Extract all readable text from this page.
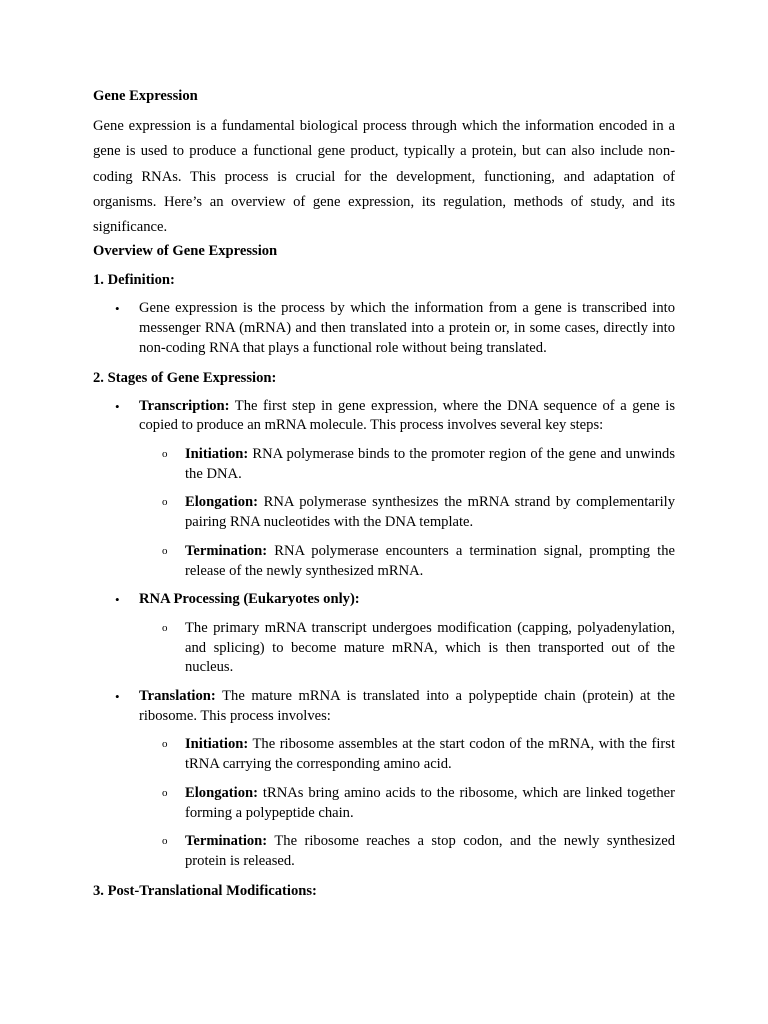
Gene Expression

Gene expression is a fundamental biological process through which the information encoded in a gene is used to produce a functional gene product, typically a protein, but can also include non-coding RNAs. This process is crucial for the development, functioning, and adaptation of organisms. Here’s an overview of gene expression, its regulation, methods of study, and its significance.

Overview of Gene Expression
1. Definition:
• Gene expression is the process by which the information from a gene is transcribed into messenger RNA (mRNA) and then translated into a protein or, in some cases, directly into non-coding RNA that plays a functional role without being translated.
2. Stages of Gene Expression:
• Transcription: The first step in gene expression, where the DNA sequence of a gene is copied to produce an mRNA molecule. This process involves several key steps:
o Initiation: RNA polymerase binds to the promoter region of the gene and unwinds the DNA.
o Elongation: RNA polymerase synthesizes the mRNA strand by complementarily pairing RNA nucleotides with the DNA template.
o Termination: RNA polymerase encounters a termination signal, prompting the release of the newly synthesized mRNA.
• RNA Processing (Eukaryotes only):
o The primary mRNA transcript undergoes modification (capping, polyadenylation, and splicing) to become mature mRNA, which is then transported out of the nucleus.
• Translation: The mature mRNA is translated into a polypeptide chain (protein) at the ribosome. This process involves:
o Initiation: The ribosome assembles at the start codon of the mRNA, with the first tRNA carrying the corresponding amino acid.
o Elongation: tRNAs bring amino acids to the ribosome, which are linked together forming a polypeptide chain.
o Termination: The ribosome reaches a stop codon, and the newly synthesized protein is released.
3. Post-Translational Modifications:
